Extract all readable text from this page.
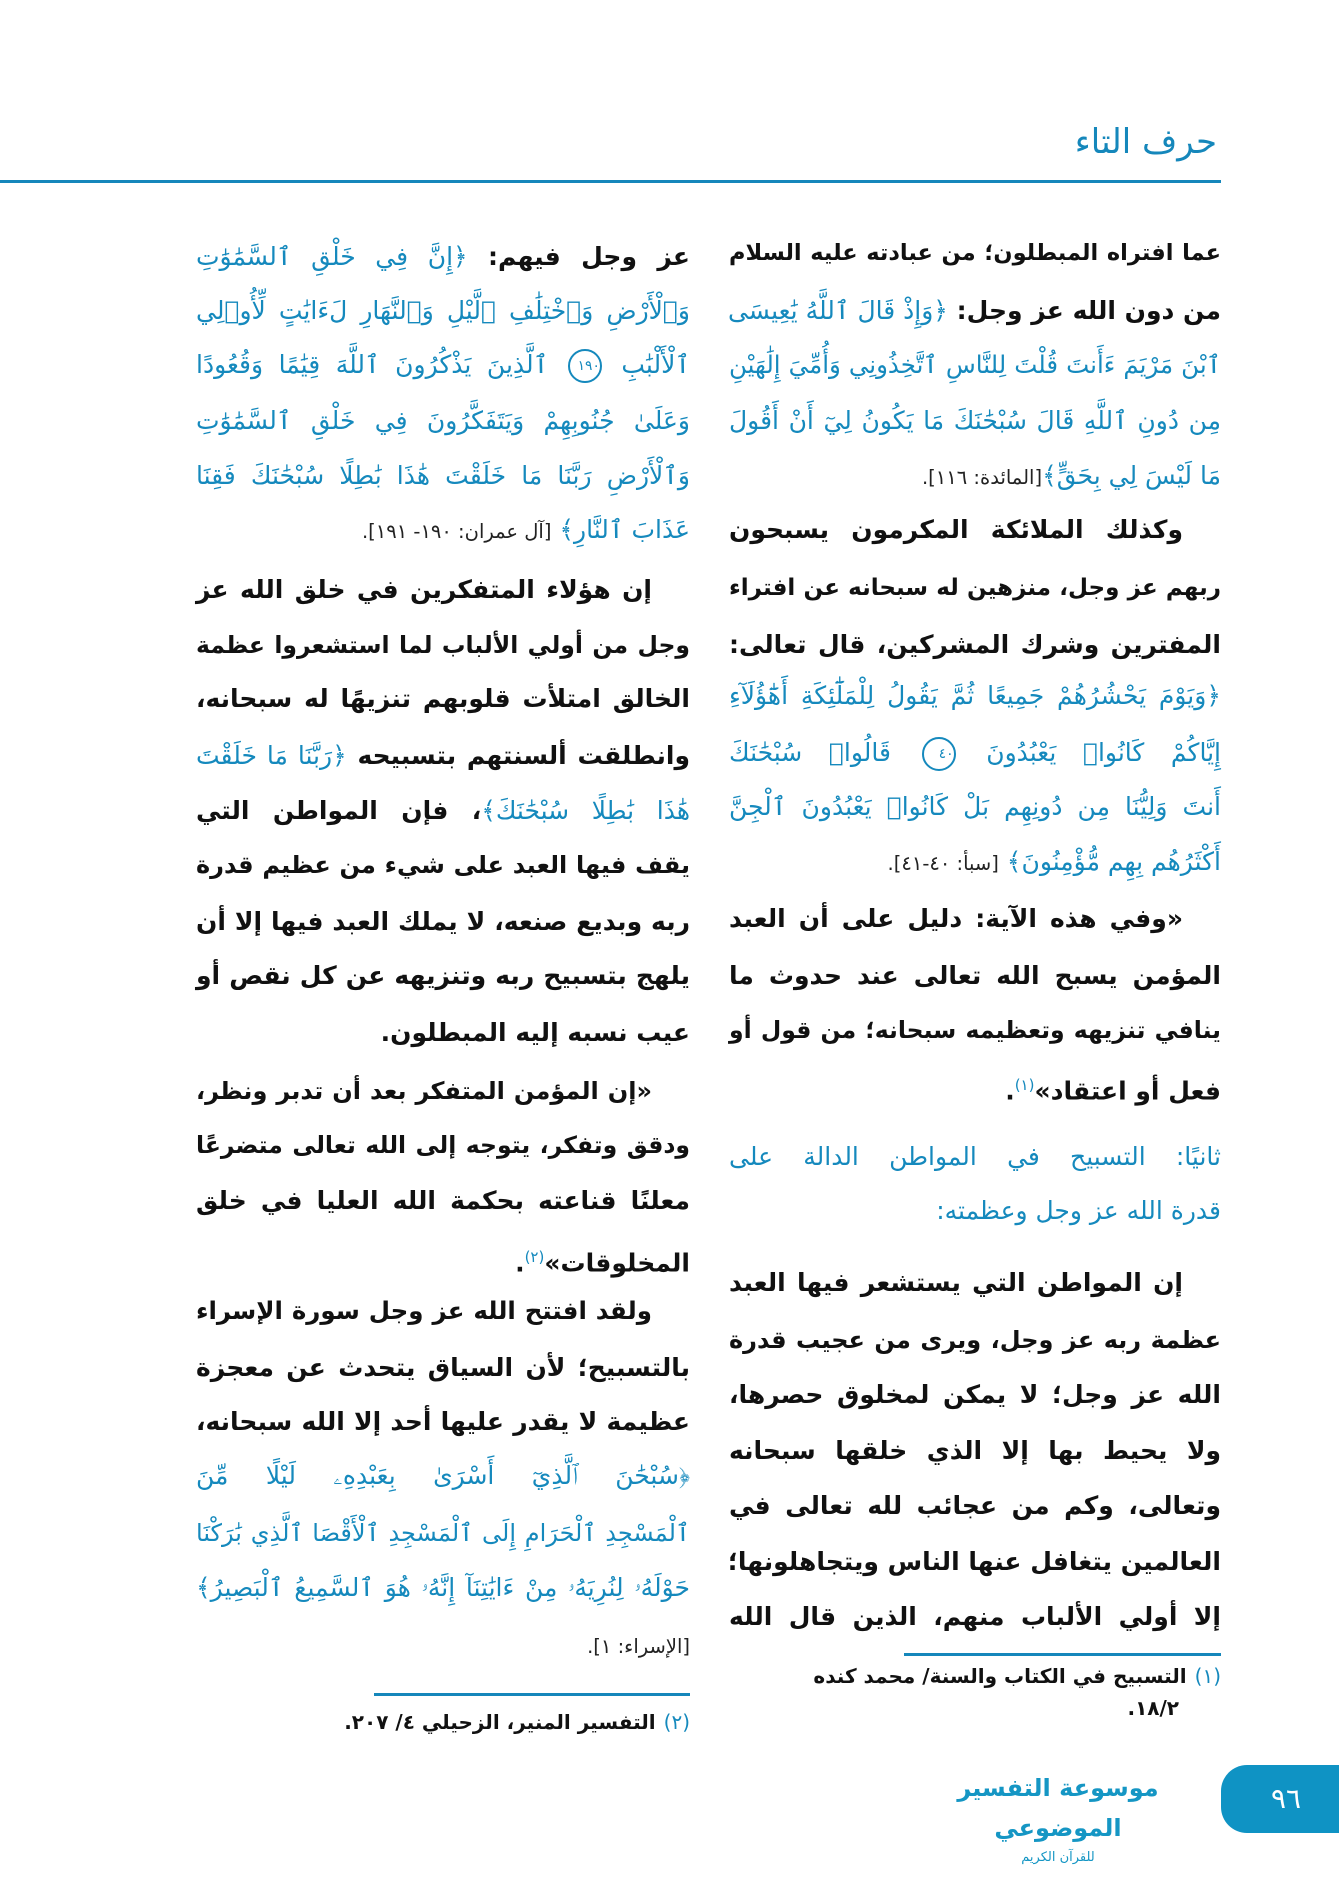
حرف التاء
عما افتراه المبطلون؛ من عبادته عليه السلام
من دون الله عز وجل: ﴿وَإِذْ قَالَ ٱللَّهُ يَٰعِيسَى
ٱبْنَ مَرْيَمَ ءَأَنتَ قُلْتَ لِلنَّاسِ ٱتَّخِذُونِي وَأُمِّيَ إِلَٰهَيْنِ
مِن دُونِ ٱللَّهِ قَالَ سُبْحَٰنَكَ مَا يَكُونُ لِيٓ أَنْ أَقُولَ
مَا لَيْسَ لِي بِحَقٍّ﴾[المائدة: ١١٦].
وكذلك الملائكة المكرمون يسبحون
ربهم عز وجل، منزهين له سبحانه عن افتراء
المفترين وشرك المشركين، قال تعالى:
﴿وَيَوْمَ يَحْشُرُهُمْ جَمِيعًا ثُمَّ يَقُولُ لِلْمَلَٰٓئِكَةِ أَهَٰٓؤُلَآءِ
إِيَّاكُمْ كَانُوا۟ يَعْبُدُونَ ٤٠ قَالُوا۟ سُبْحَٰنَكَ
أَنتَ وَلِيُّنَا مِن دُونِهِم بَلْ كَانُوا۟ يَعْبُدُونَ ٱلْجِنَّ
أَكْثَرُهُم بِهِم مُّؤْمِنُونَ﴾ [سبأ: ٤٠-٤١].
«وفي هذه الآية: دليل على أن العبد
المؤمن يسبح الله تعالى عند حدوث ما
ينافي تنزيهه وتعظيمه سبحانه؛ من قول أو
فعل أو اعتقاد»$^{(١)}$.
ثانيًا: التسبيح في المواطن الدالة على
قدرة الله عز وجل وعظمته:
إن المواطن التي يستشعر فيها العبد
عظمة ربه عز وجل، ويرى من عجيب قدرة
الله عز وجل؛ لا يمكن لمخلوق حصرها،
ولا يحيط بها إلا الذي خلقها سبحانه
وتعالى، وكم من عجائب لله تعالى في
العالمين يتغافل عنها الناس ويتجاهلونها؛
إلا أولي الألباب منهم، الذين قال الله
عز وجل فيهم: ﴿إِنَّ فِي خَلْقِ ٱلسَّمَٰوَٰتِ
وَٱلْأَرْضِ وَٱخْتِلَٰفِ ٱلَّيْلِ وَٱلنَّهَارِ لَءَايَٰتٍ لِّأُو۟لِي
ٱلْأَلْبَٰبِ ١٩٠ ٱلَّذِينَ يَذْكُرُونَ ٱللَّهَ قِيَٰمًا وَقُعُودًا
وَعَلَىٰ جُنُوبِهِمْ وَيَتَفَكَّرُونَ فِي خَلْقِ ٱلسَّمَٰوَٰتِ
وَٱلْأَرْضِ رَبَّنَا مَا خَلَقْتَ هَٰذَا بَٰطِلًا سُبْحَٰنَكَ فَقِنَا
عَذَابَ ٱلنَّارِ﴾ [آل عمران: ١٩٠- ١٩١].
إن هؤلاء المتفكرين في خلق الله عز
وجل من أولي الألباب لما استشعروا عظمة
الخالق امتلأت قلوبهم تنزيهًا له سبحانه،
وانطلقت ألسنتهم بتسبيحه ﴿رَبَّنَا مَا خَلَقْتَ
هَٰذَا بَٰطِلًا سُبْحَٰنَكَ﴾، فإن المواطن التي
يقف فيها العبد على شيء من عظيم قدرة
ربه وبديع صنعه، لا يملك العبد فيها إلا أن
يلهج بتسبيح ربه وتنزيهه عن كل نقص أو
عيب نسبه إليه المبطلون.
«إن المؤمن المتفكر بعد أن تدبر ونظر،
ودقق وتفكر، يتوجه إلى الله تعالى متضرعًا
معلنًا قناعته بحكمة الله العليا في خلق
المخلوقات»$^{(٢)}$.
ولقد افتتح الله عز وجل سورة الإسراء
بالتسبيح؛ لأن السياق يتحدث عن معجزة
عظيمة لا يقدر عليها أحد إلا الله سبحانه،
﴿سُبْحَٰنَ ٱلَّذِيٓ أَسْرَىٰ بِعَبْدِهِۦ لَيْلًا مِّنَ
ٱلْمَسْجِدِ ٱلْحَرَامِ إِلَى ٱلْمَسْجِدِ ٱلْأَقْصَا ٱلَّذِي بَٰرَكْنَا
حَوْلَهُۥ لِنُرِيَهُۥ مِنْ ءَايَٰتِنَآ إِنَّهُۥ هُوَ ٱلسَّمِيعُ ٱلْبَصِيرُ﴾
[الإسراء: ١].
(١)التسبيح في الكتاب والسنة/ محمد كنده
١٨/٢.
(٢)التفسير المنير، الزحيلي ٤/ ٢٠٧.
موسوعة التفسير الموضوعي
للقرآن الكريم
٩٦
